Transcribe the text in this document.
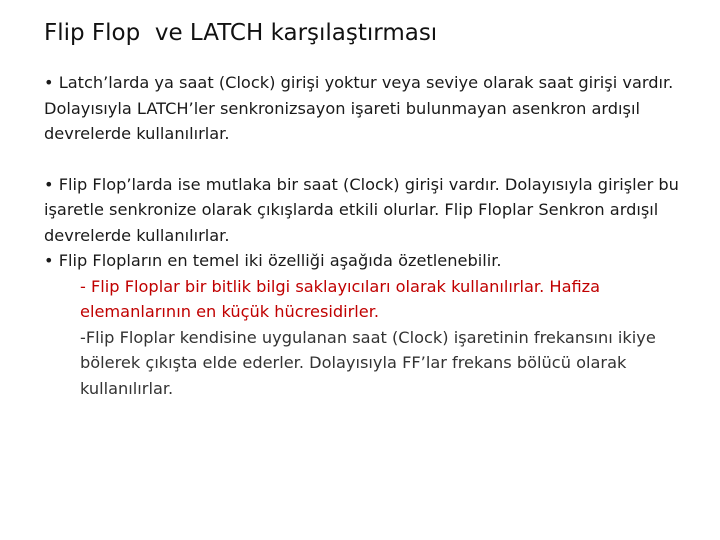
Flip Flop  ve LATCH karşılaştırması

• Latch’larda ya saat (Clock) girişi yoktur veya seviye olarak saat girişi vardır. Dolayısıyla LATCH’ler senkronizsayon işareti bulunmayan asenkron ardışıl devrelerde kullanılırlar.

• Flip Flop’larda ise mutlaka bir saat (Clock) girişi vardır. Dolayısıyla girişler bu işaretle senkronize olarak çıkışlarda etkili olurlar. Flip Floplar Senkron ardışıl devrelerde kullanılırlar.

• Flip Flopların en temel iki özelliği aşağıda özetlenebilir.

- Flip Floplar bir bitlik bilgi saklayıcıları olarak kullanılırlar. Hafiza elemanlarının en küçük hücresidirler.

-Flip Floplar kendisine uygulanan saat (Clock) işaretinin frekansını ikiye bölerek çıkışta elde ederler. Dolayısıyla FF’lar frekans bölücü olarak kullanılırlar.
